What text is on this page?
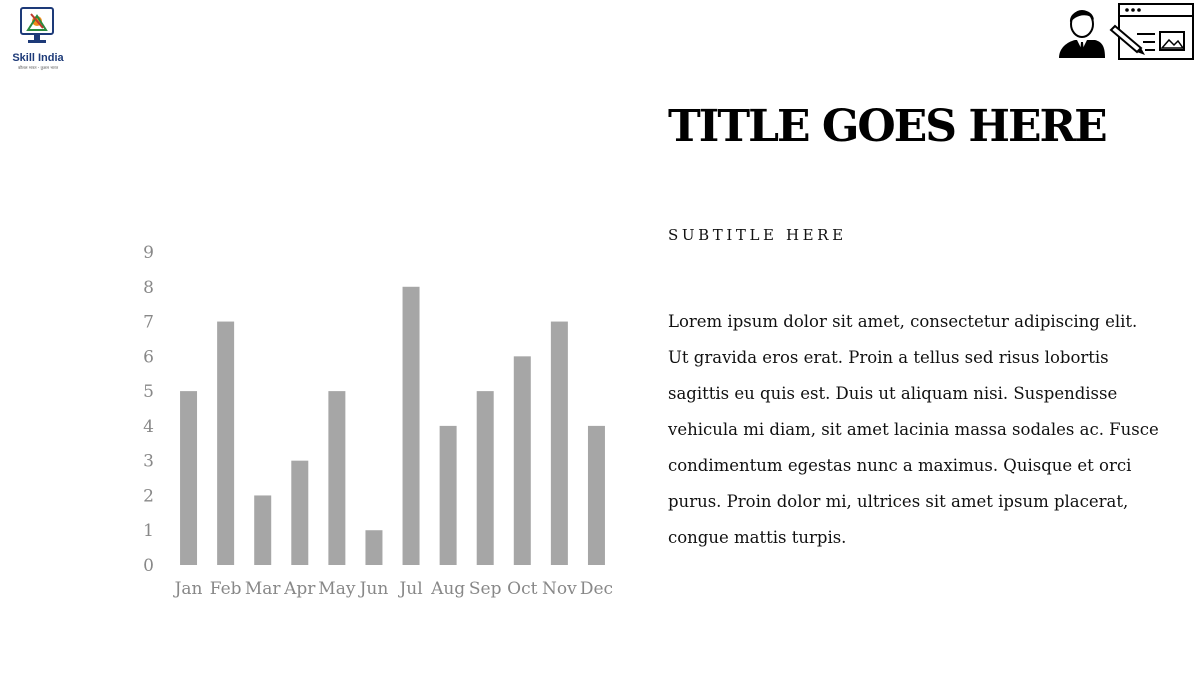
Skill India
कौशल भारत - कुशल भारत
TITLE GOES HERE
SUBTITLE HERE

Lorem ipsum dolor sit amet, consectetur adipiscing elit. Ut gravida eros erat. Proin a tellus sed risus lobortis sagittis eu quis est. Duis ut aliquam nisi. Suspendisse vehicula mi diam, sit amet lacinia massa sodales ac. Fusce condimentum egestas nunc a maximus. Quisque et orci purus. Proin dolor mi, ultrices sit amet ipsum placerat, congue mattis turpis.

0
1
2
3
4
5
6
7
8
9
Jan Feb Mar Apr May Jun Jul Aug Sep Oct Nov Dec
